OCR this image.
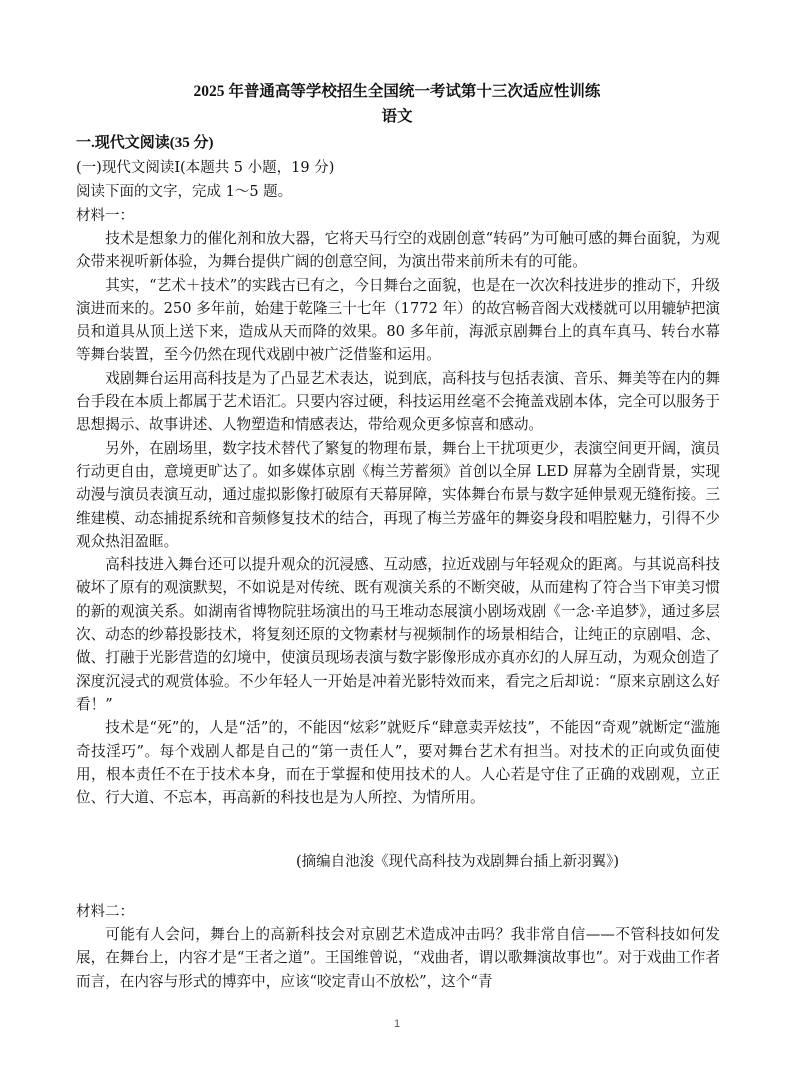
2025 年普通高等学校招生全国统一考试第十三次适应性训练
语文
一.现代文阅读(35 分)
(一)现代文阅读Ⅰ(本题共 5 小题，19 分)
阅读下面的文字，完成 1～5 题。
材料一：

技术是想象力的催化剂和放大器，它将天马行空的戏剧创意“转码”为可触可感的舞台面貌，为观众带来视听新体验，为舞台提供广阔的创意空间，为演出带来前所未有的可能。

其实，“艺术＋技术”的实践古已有之，今日舞台之面貌，也是在一次次科技进步的推动下，升级演进而来的。250 多年前，始建于乾隆三十七年（1772 年）的故宫畅音阁大戏楼就可以用辘轳把演员和道具从顶上送下来，造成从天而降的效果。80 多年前，海派京剧舞台上的真车真马、转台水幕等舞台装置，至今仍然在现代戏剧中被广泛借鉴和运用。

戏剧舞台运用高科技是为了凸显艺术表达，说到底，高科技与包括表演、音乐、舞美等在内的舞台手段在本质上都属于艺术语汇。只要内容过硬，科技运用丝毫不会掩盖戏剧本体，完全可以服务于思想揭示、故事讲述、人物塑造和情感表达，带给观众更多惊喜和感动。

另外，在剧场里，数字技术替代了繁复的物理布景，舞台上干扰项更少，表演空间更开阔，演员行动更自由，意境更旷达了。如多媒体京剧《梅兰芳蓄须》首创以全屏 LED 屏幕为全剧背景，实现动漫与演员表演互动，通过虚拟影像打破原有天幕屏障，实体舞台布景与数字延伸景观无缝衔接。三维建模、动态捕捉系统和音频修复技术的结合，再现了梅兰芳盛年的舞姿身段和唱腔魅力，引得不少观众热泪盈眶。

高科技进入舞台还可以提升观众的沉浸感、互动感，拉近戏剧与年轻观众的距离。与其说高科技破坏了原有的观演默契，不如说是对传统、既有观演关系的不断突破，从而建构了符合当下审美习惯的新的观演关系。如湖南省博物院驻场演出的马王堆动态展演小剧场戏剧《一念·辛追梦》，通过多层次、动态的纱幕投影技术，将复刻还原的文物素材与视频制作的场景相结合，让纯正的京剧唱、念、做、打融于光影营造的幻境中，使演员现场表演与数字影像形成亦真亦幻的人屏互动，为观众创造了深度沉浸式的观赏体验。不少年轻人一开始是冲着光影特效而来，看完之后却说：“原来京剧这么好看！”

技术是“死”的，人是“活”的，不能因“炫彩”就贬斥“肆意卖弄炫技”，不能因“奇观”就断定“滥施奇技淫巧”。每个戏剧人都是自己的“第一责任人”，要对舞台艺术有担当。对技术的正向或负面使用，根本责任不在于技术本身，而在于掌握和使用技术的人。人心若是守住了正确的戏剧观，立正位、行大道、不忘本，再高新的科技也是为人所控、为情所用。

(摘编自池浚《现代高科技为戏剧舞台插上新羽翼》)
材料二：

可能有人会问，舞台上的高新科技会对京剧艺术造成冲击吗？我非常自信——不管科技如何发展，在舞台上，内容才是“王者之道”。王国维曾说，“戏曲者，谓以歌舞演故事也”。对于戏曲工作者而言，在内容与形式的博弈中，应该“咬定青山不放松”，这个“青

1
